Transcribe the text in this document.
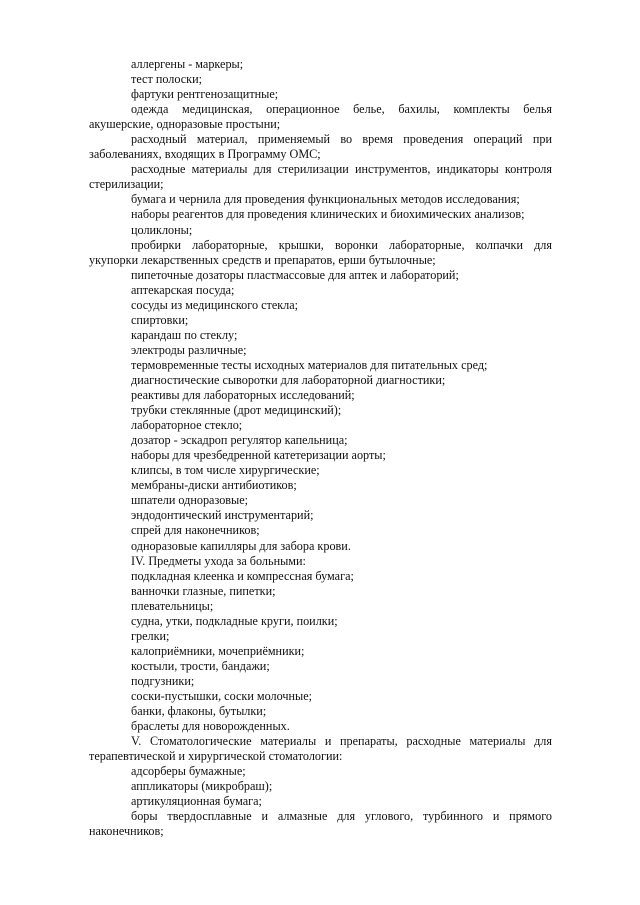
аллергены - маркеры;

тест полоски;

фартуки рентгенозащитные;

одежда медицинская, операционное белье, бахилы, комплекты белья акушерские, одноразовые простыни;

расходный материал, применяемый во время проведения операций при заболеваниях, входящих в Программу ОМС;

расходные материалы для стерилизации инструментов, индикаторы контроля стерилизации;

бумага и чернила для проведения функциональных методов исследования;

наборы реагентов для проведения клинических и биохимических анализов;

цоликлоны;

пробирки лабораторные, крышки, воронки лабораторные, колпачки для укупорки лекарственных средств и препаратов, ерши бутылочные;

пипеточные дозаторы пластмассовые для аптек и лабораторий;

аптекарская посуда;

сосуды из медицинского стекла;

спиртовки;

карандаш по стеклу;

электроды различные;

термовременные тесты исходных материалов для питательных сред;

диагностические сыворотки для лабораторной диагностики;

реактивы для лабораторных исследований;

трубки стеклянные (дрот медицинский);

лабораторное стекло;

дозатор - эскадроп регулятор капельница;

наборы для чрезбедренной катетеризации аорты;

клипсы, в том числе хирургические;

мембраны-диски антибиотиков;

шпатели одноразовые;

эндодонтический инструментарий;

спрей для наконечников;

одноразовые капилляры для забора крови.

IV. Предметы ухода за больными:

подкладная клеенка и компрессная бумага;

ванночки глазные, пипетки;

плевательницы;

судна, утки, подкладные круги, поилки;

грелки;

калоприёмники, мочеприёмники;

костыли, трости, бандажи;

подгузники;

соски-пустышки, соски молочные;

банки, флаконы, бутылки;

браслеты для новорожденных.

V. Стоматологические материалы и препараты, расходные материалы для терапевтической и хирургической стоматологии:

адсорберы бумажные;

аппликаторы (микробраш);

артикуляционная бумага;

боры твердосплавные и алмазные для углового, турбинного и прямого наконечников;
